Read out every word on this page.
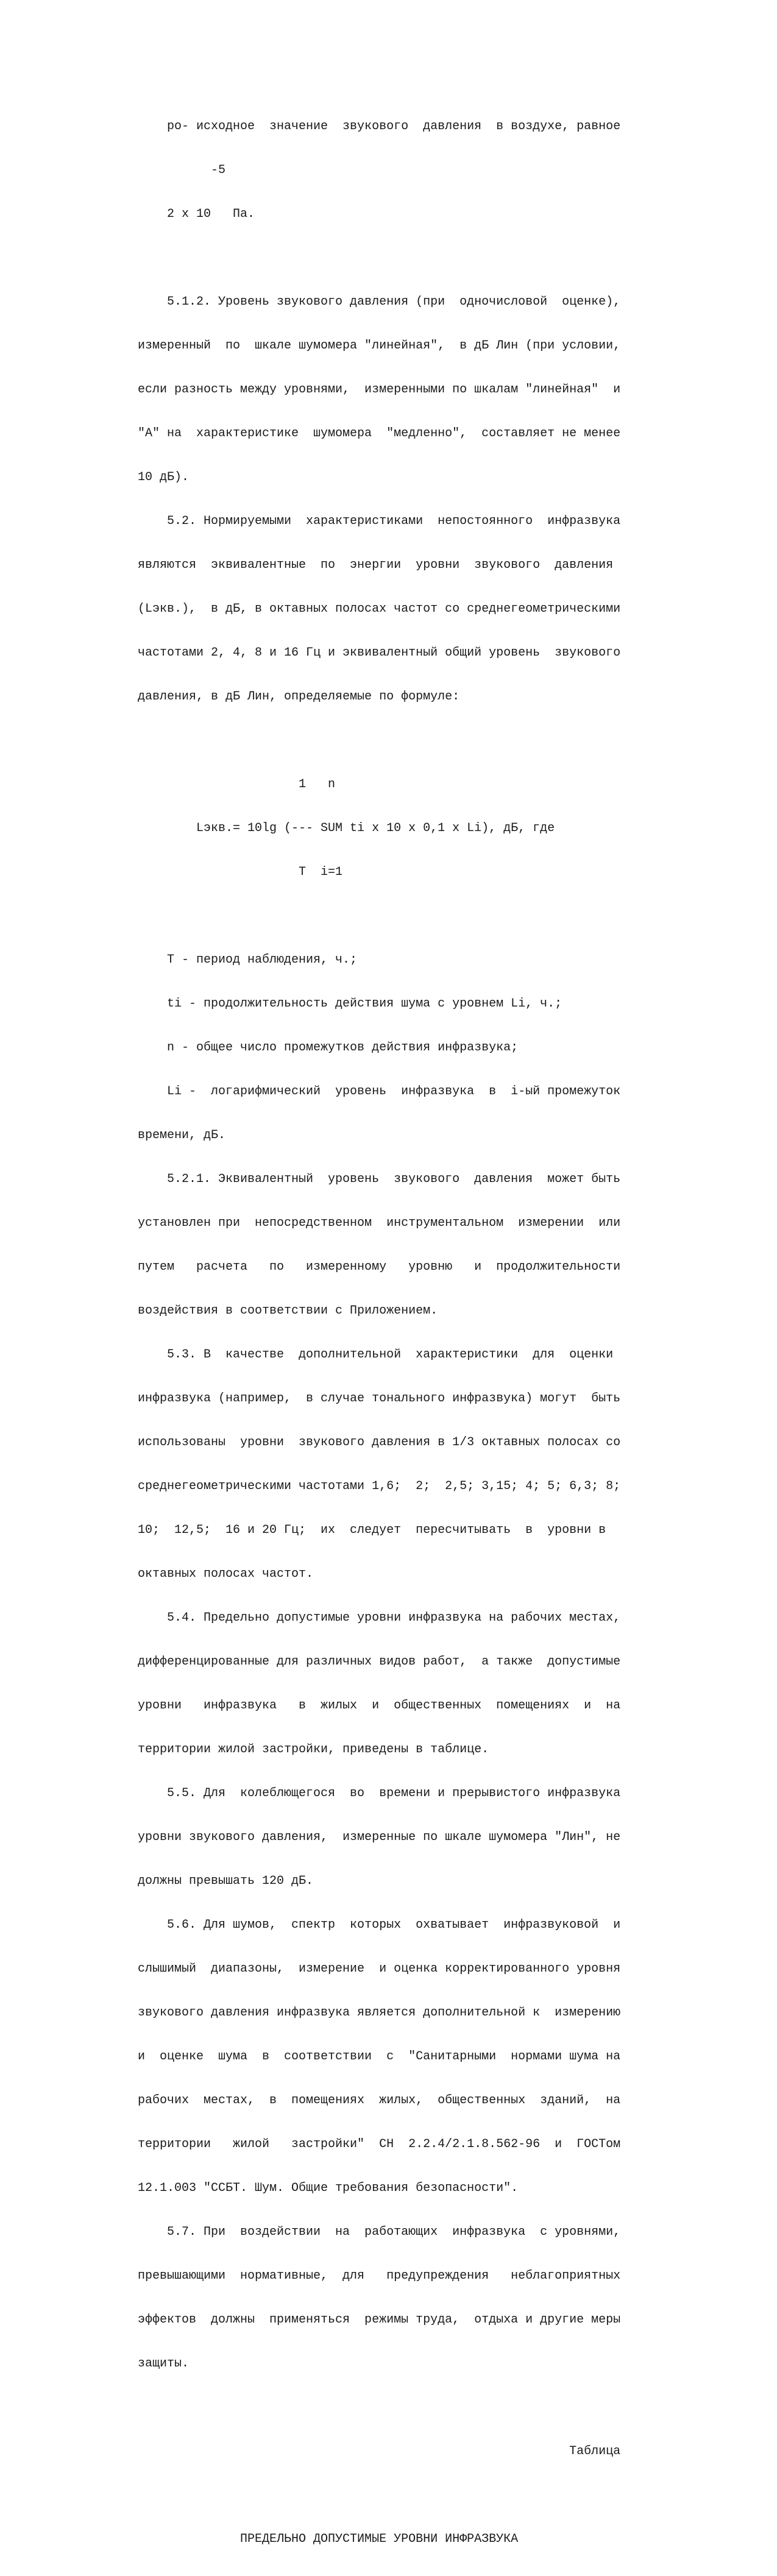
pо- исходное  значение  звукового  давления  в воздухе, равное

-5

2 х 10   Па.

5.1.2. Уровень звукового давления (при  одночисловой  оценке),

измеренный  по  шкале шумомера "линейная",  в дБ Лин (при условии,

если разность между уровнями,  измеренными по шкалам "линейная"  и

"А" на  характеристике  шумомера  "медленно",  составляет не менее

10 дБ).

5.2. Нормируемыми  характеристиками  непостоянного  инфразвука

являются  эквивалентные  по  энергии  уровни  звукового  давления

(Lэкв.),  в дБ, в октавных полосах частот со среднегеометрическими

частотами 2, 4, 8 и 16 Гц и эквивалентный общий уровень  звукового

давления, в дБ Лин, определяемые по формуле:

1   n

Lэкв.= 10lg (--- SUM ti х 10 х 0,1 х Li), дБ, где

T  i=1

Т - период наблюдения, ч.;

ti - продолжительность действия шума с уровнем Li, ч.;

n - общее число промежутков действия инфразвука;

Li -  логарифмический  уровень  инфразвука  в  i-ый промежуток

времени, дБ.

5.2.1. Эквивалентный  уровень  звукового  давления  может быть

установлен при  непосредственном  инструментальном  измерении  или

путем   расчета   по   измеренному   уровню   и  продолжительности

воздействия в соответствии с Приложением.

5.3. В  качестве  дополнительной  характеристики  для  оценки

инфразвука (например,  в случае тонального инфразвука) могут  быть

использованы  уровни  звукового давления в 1/3 октавных полосах со

среднегеометрическими частотами 1,6;  2;  2,5; 3,15; 4; 5; 6,3; 8;

10;  12,5;  16 и 20 Гц;  их  следует  пересчитывать  в  уровни в

октавных полосах частот.

5.4. Предельно допустимые уровни инфразвука на рабочих местах,

дифференцированные для различных видов работ,  а также  допустимые

уровни   инфразвука   в  жилых  и  общественных  помещениях  и  на

территории жилой застройки, приведены в таблице.

5.5. Для  колеблющегося  во  времени и прерывистого инфразвука

уровни звукового давления,  измеренные по шкале шумомера "Лин", не

должны превышать 120 дБ.

5.6. Для шумов,  спектр  которых  охватывает  инфразвуковой  и

слышимый  диапазоны,  измерение  и оценка корректированного уровня

звукового давления инфразвука является дополнительной к  измерению

и  оценке  шума  в  соответствии  с  "Санитарными  нормами шума на

рабочих  местах,  в  помещениях  жилых,  общественных  зданий,  на

территории   жилой   застройки"  СН  2.2.4/2.1.8.562-96  и  ГОСТом

12.1.003 "ССБТ. Шум. Общие требования безопасности".

5.7. При  воздействии  на  работающих  инфразвука  с уровнями,

превышающими  нормативные,  для   предупреждения   неблагоприятных

эффектов  должны  применяться  режимы труда,  отдыха и другие меры

защиты.

Таблица

ПРЕДЕЛЬНО ДОПУСТИМЫЕ УРОВНИ ИНФРАЗВУКА
